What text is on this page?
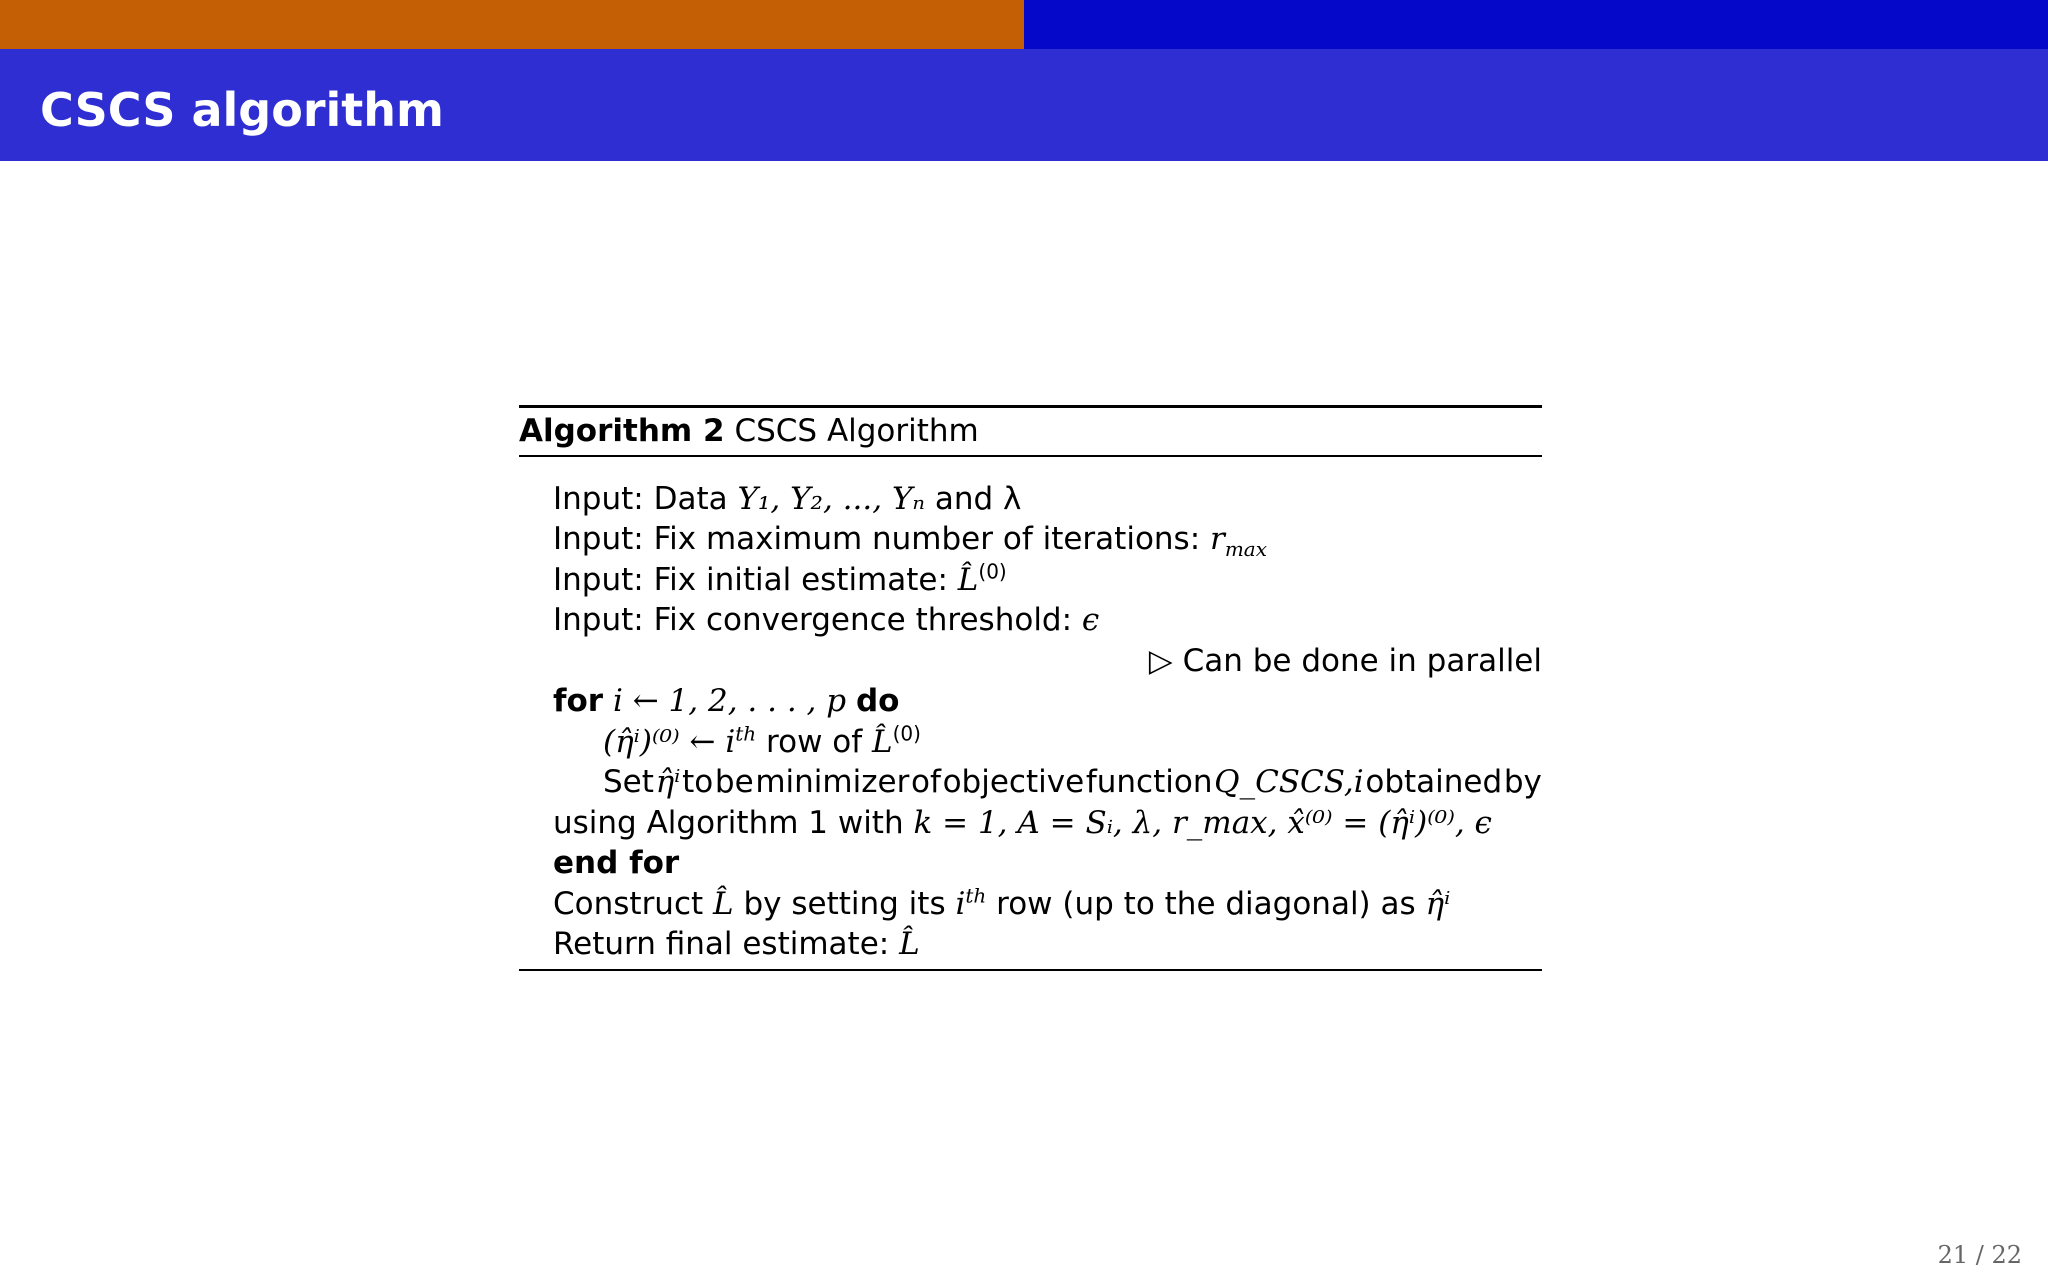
CSCS algorithm
Algorithm 2 CSCS Algorithm
Input: Data Y₁, Y₂, ..., Yₙ and λ
Input: Fix maximum number of iterations: $r_{max}$
Input: Fix initial estimate: L̂$^{(0)}$
Input: Fix convergence threshold: ϵ
▷ Can be done in parallel
for i ← 1, 2, . . . , p do
(η̂ⁱ)⁽⁰⁾ ← $i^{th}$ row of L̂$^{(0)}$
Set η̂ⁱ to be minimizer of objective function Q_CSCS,i obtained by
using Algorithm 1 with k = 1, A = Sᵢ, λ, r_max, x̂⁽⁰⁾ = (η̂ⁱ)⁽⁰⁾, ϵ
end for
Construct L̂ by setting its $i^{th}$ row (up to the diagonal) as η̂ⁱ
Return final estimate: L̂
21 / 22
